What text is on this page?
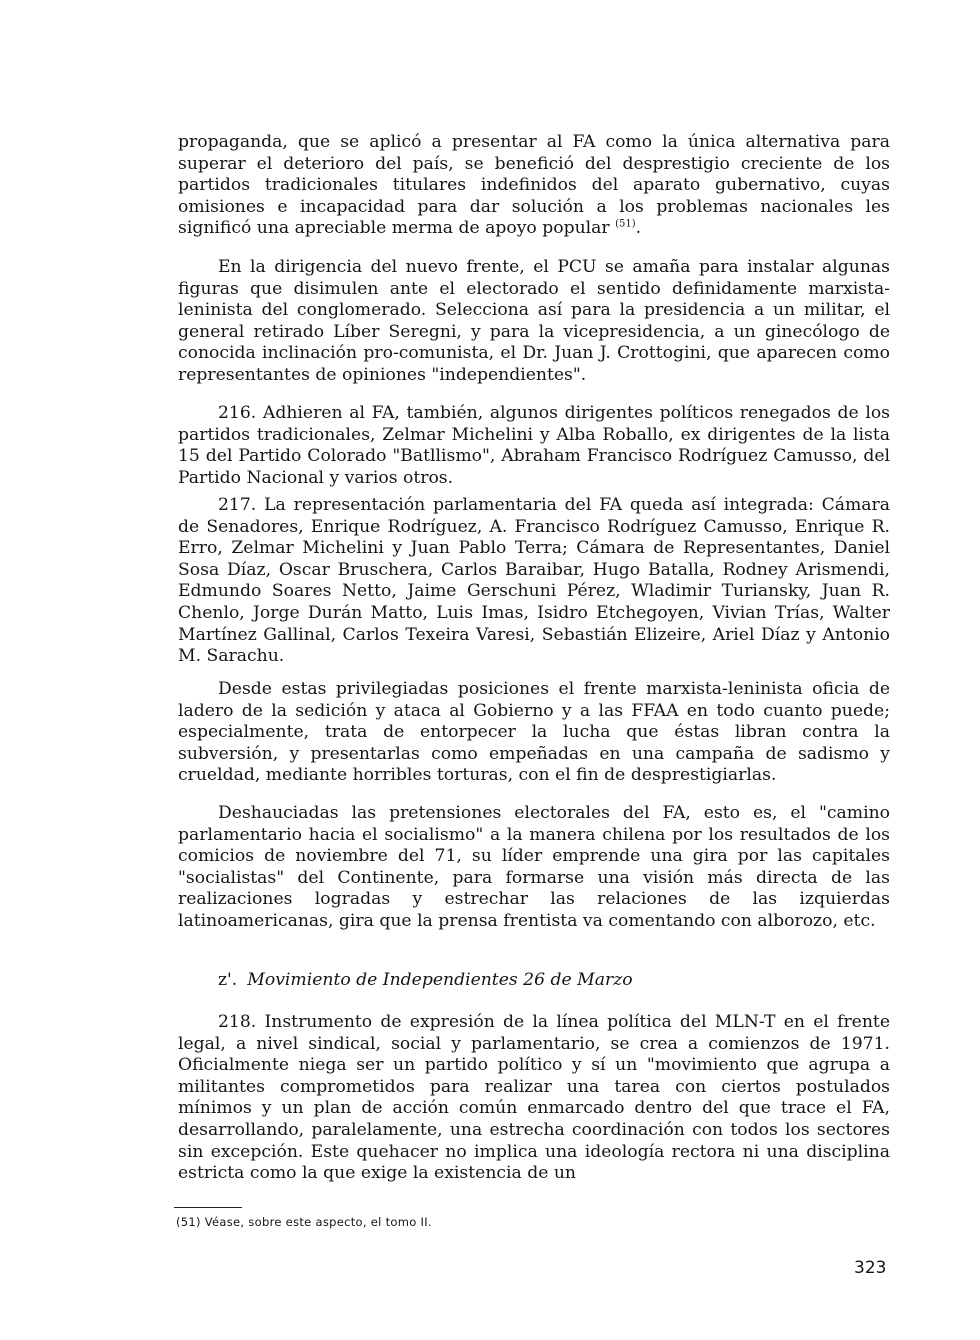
propaganda, que se aplicó a presentar al FA como la única alternativa para superar el deterioro del país, se benefició del desprestigio creciente de los partidos tradicionales titulares indefinidos del aparato gubernativo, cuyas omisiones e incapacidad para dar solución a los problemas nacionales les significó una apreciable merma de apoyo popular $^{(51)}$.

En la dirigencia del nuevo frente, el PCU se amaña para instalar algunas figuras que disimulen ante el electorado el sentido definidamente marxista-leninista del conglomerado. Selecciona así para la presidencia a un militar, el general retirado Líber Seregni, y para la vicepresidencia, a un ginecólogo de conocida inclinación pro-comunista, el Dr. Juan J. Crottogini, que aparecen como representantes de opiniones "independientes".

216. Adhieren al FA, también, algunos dirigentes políticos renegados de los partidos tradicionales, Zelmar Michelini y Alba Roballo, ex dirigentes de la lista 15 del Partido Colorado "Batllismo", Abraham Francisco Rodríguez Camusso, del Partido Nacional y varios otros.

217. La representación parlamentaria del FA queda así integrada: Cámara de Senadores, Enrique Rodríguez, A. Francisco Rodríguez Camusso, Enrique R. Erro, Zelmar Michelini y Juan Pablo Terra; Cámara de Representantes, Daniel Sosa Díaz, Oscar Bruschera, Carlos Baraibar, Hugo Batalla, Rodney Arismendi, Edmundo Soares Netto, Jaime Gerschuni Pérez, Wladimir Turiansky, Juan R. Chenlo, Jorge Durán Matto, Luis Imas, Isidro Etchegoyen, Vivian Trías, Walter Martínez Gallinal, Carlos Texeira Varesi, Sebastián Elizeire, Ariel Díaz y Antonio M. Sarachu.

Desde estas privilegiadas posiciones el frente marxista-leninista oficia de ladero de la sedición y ataca al Gobierno y a las FFAA en todo cuanto puede; especialmente, trata de entorpecer la lucha que éstas libran contra la subversión, y presentarlas como empeñadas en una campaña de sadismo y crueldad, mediante horribles torturas, con el fin de desprestigiarlas.

Deshauciadas las pretensiones electorales del FA, esto es, el "camino parlamentario hacia el socialismo" a la manera chilena por los resultados de los comicios de noviembre del 71, su líder emprende una gira por las capitales "socialistas" del Continente, para formarse una visión más directa de las realizaciones logradas y estrechar las relaciones de las izquierdas latinoamericanas, gira que la prensa frentista va comentando con alborozo, etc.

z'. Movimiento de Independientes 26 de Marzo

218. Instrumento de expresión de la línea política del MLN-T en el frente legal, a nivel sindical, social y parlamentario, se crea a comienzos de 1971. Oficialmente niega ser un partido político y sí un "movimiento que agrupa a militantes comprometidos para realizar una tarea con ciertos postulados mínimos y un plan de acción común enmarcado dentro del que trace el FA, desarrollando, paralelamente, una estrecha coordinación con todos los sectores sin excepción. Este quehacer no implica una ideología rectora ni una disciplina estricta como la que exige la existencia de un

(51) Véase, sobre este aspecto, el tomo II.
323
